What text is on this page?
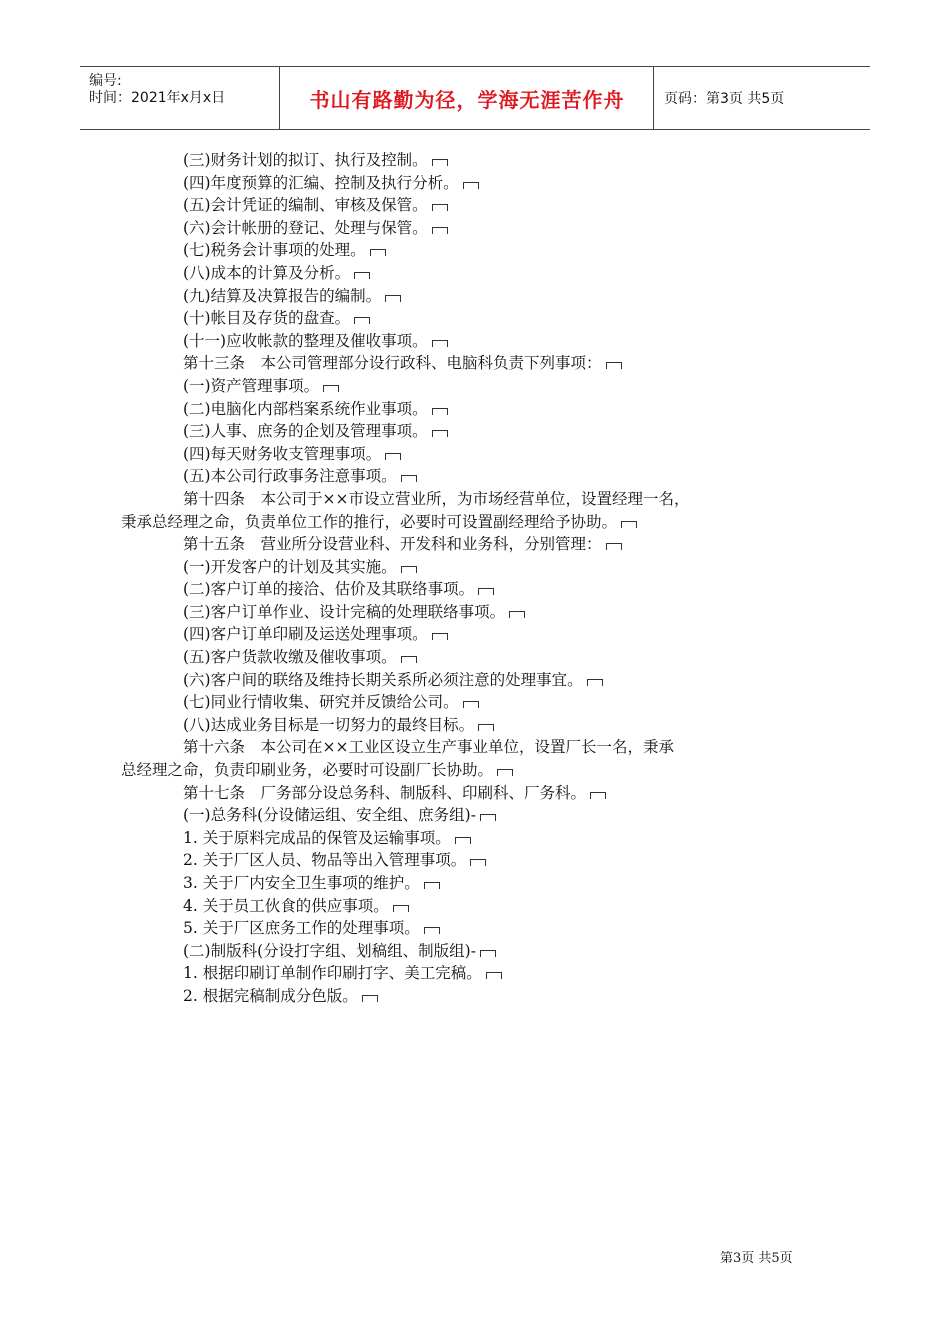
编号:
时间：2021年x月x日	书山有路勤为径，学海无涯苦作舟	页码：第3页 共5页
(三)财务计划的拟订、执行及控制。
(四)年度预算的汇编、控制及执行分析。
(五)会计凭证的编制、审核及保管。
(六)会计帐册的登记、处理与保管。
(七)税务会计事项的处理。
(八)成本的计算及分析。
(九)结算及决算报告的编制。
(十)帐目及存货的盘查。
(十一)应收帐款的整理及催收事项。
第十三条　本公司管理部分设行政科、电脑科负责下列事项：
(一)资产管理事项。
(二)电脑化内部档案系统作业事项。
(三)人事、庶务的企划及管理事项。
(四)每天财务收支管理事项。
(五)本公司行政事务注意事项。
第十四条　本公司于××市设立营业所，为市场经营单位，设置经理一名，
秉承总经理之命，负责单位工作的推行，必要时可设置副经理给予协助。
第十五条　营业所分设营业科、开发科和业务科，分别管理：
(一)开发客户的计划及其实施。
(二)客户订单的接洽、估价及其联络事项。
(三)客户订单作业、设计完稿的处理联络事项。
(四)客户订单印刷及运送处理事项。
(五)客户货款收缴及催收事项。
(六)客户间的联络及维持长期关系所必须注意的处理事宜。
(七)同业行情收集、研究并反馈给公司。
(八)达成业务目标是一切努力的最终目标。
第十六条　本公司在××工业区设立生产事业单位，设置厂长一名，秉承
总经理之命，负责印刷业务，必要时可设副厂长协助。
第十七条　厂务部分设总务科、制版科、印刷科、厂务科。
(一)总务科(分设储运组、安全组、庶务组)-
1. 关于原料完成品的保管及运输事项。
2. 关于厂区人员、物品等出入管理事项。
3. 关于厂内安全卫生事项的维护。
4. 关于员工伙食的供应事项。
5. 关于厂区庶务工作的处理事项。
(二)制版科(分设打字组、划稿组、制版组)-
1. 根据印刷订单制作印刷打字、美工完稿。
2. 根据完稿制成分色版。
第3页 共5页
